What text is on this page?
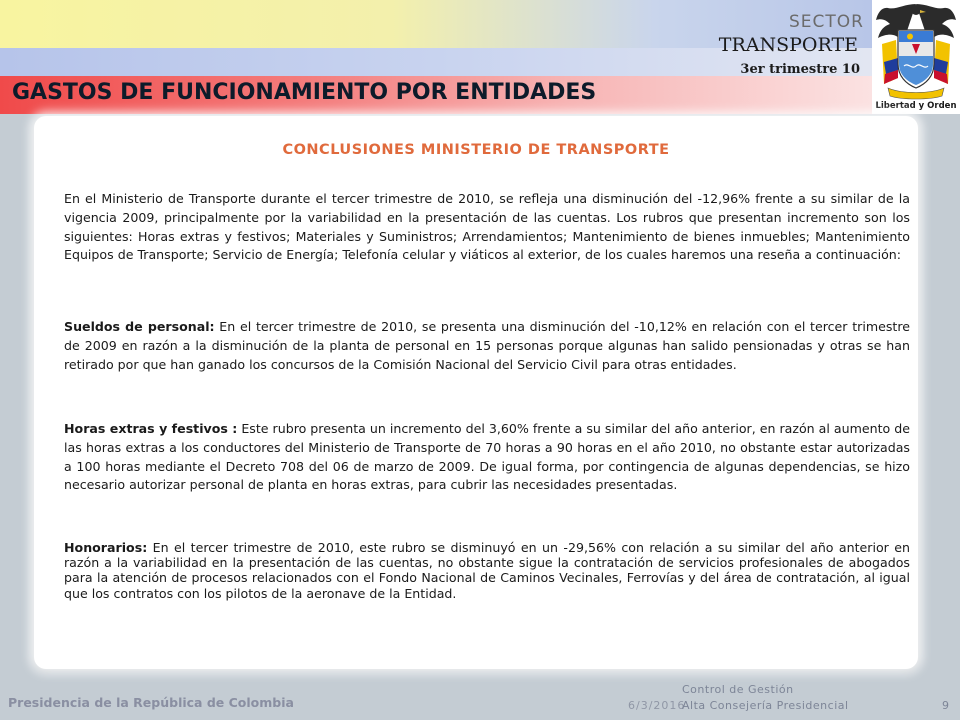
SECTOR
TRANSPORTE
3er trimestre 10
GASTOS DE FUNCIONAMIENTO POR ENTIDADES
Libertad y Orden
CONCLUSIONES MINISTERIO DE TRANSPORTE

En el Ministerio de Transporte durante el tercer trimestre de 2010, se refleja una disminución del -12,96% frente a su similar de la vigencia 2009, principalmente por la variabilidad en la presentación de las cuentas. Los rubros que presentan incremento son los siguientes: Horas extras y festivos; Materiales y Suministros; Arrendamientos; Mantenimiento de bienes inmuebles; Mantenimiento Equipos de Transporte; Servicio de Energía; Telefonía celular y viáticos al exterior, de los cuales haremos una reseña a continuación:

Sueldos de personal: En el tercer trimestre de 2010, se presenta una disminución del -10,12% en relación con el tercer trimestre de 2009 en razón a la disminución de la planta de personal en 15 personas porque algunas han salido pensionadas y otras se han retirado por que han ganado los concursos de la Comisión Nacional del Servicio Civil para otras entidades.

Horas extras y festivos : Este rubro presenta un incremento del 3,60% frente a su similar del año anterior, en razón al aumento de las horas extras a los conductores del Ministerio de Transporte de 70 horas a 90 horas en el año 2010, no obstante estar autorizadas a 100 horas mediante el Decreto 708 del 06 de marzo de 2009. De igual forma, por contingencia de algunas dependencias, se hizo necesario autorizar personal de planta en horas extras, para cubrir las necesidades presentadas.

Honorarios: En el tercer trimestre de 2010, este rubro se disminuyó en un -29,56% con relación a su similar del año anterior en razón a la variabilidad en la presentación de las cuentas, no obstante sigue la contratación de servicios profesionales de abogados para la atención de procesos relacionados con el Fondo Nacional de Caminos Vecinales, Ferrovías y del área de contratación, al igual que los contratos con los pilotos de la aeronave de la Entidad.

Presidencia de la República de Colombia	6/3/2016
Control de Gestión
Alta Consejería Presidencial	9
